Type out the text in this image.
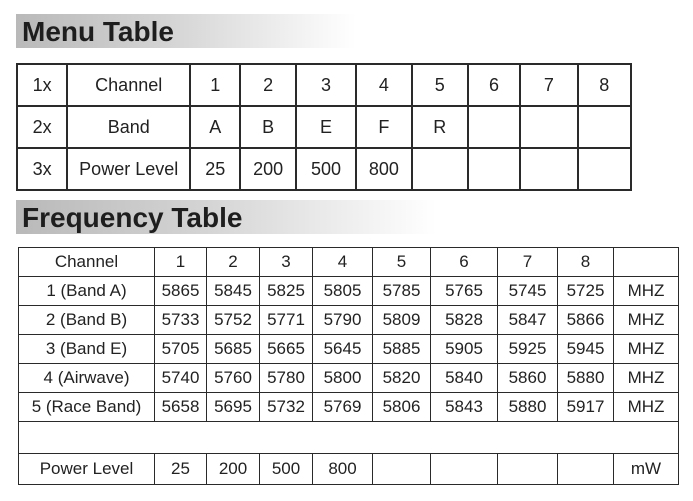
Menu Table
1x	Channel	1	2	3	4	5	6	7	8
2x	Band	A	B	E	F	R			
3x	Power Level	25	200	500	800				
Frequency Table
Channel	1	2	3	4	5	6	7	8	
1 (Band A)	5865	5845	5825	5805	5785	5765	5745	5725	MHZ
2 (Band B)	5733	5752	5771	5790	5809	5828	5847	5866	MHZ
3 (Band E)	5705	5685	5665	5645	5885	5905	5925	5945	MHZ
4 (Airwave)	5740	5760	5780	5800	5820	5840	5860	5880	MHZ
5 (Race Band)	5658	5695	5732	5769	5806	5843	5880	5917	MHZ

Power Level	25	200	500	800					mW
